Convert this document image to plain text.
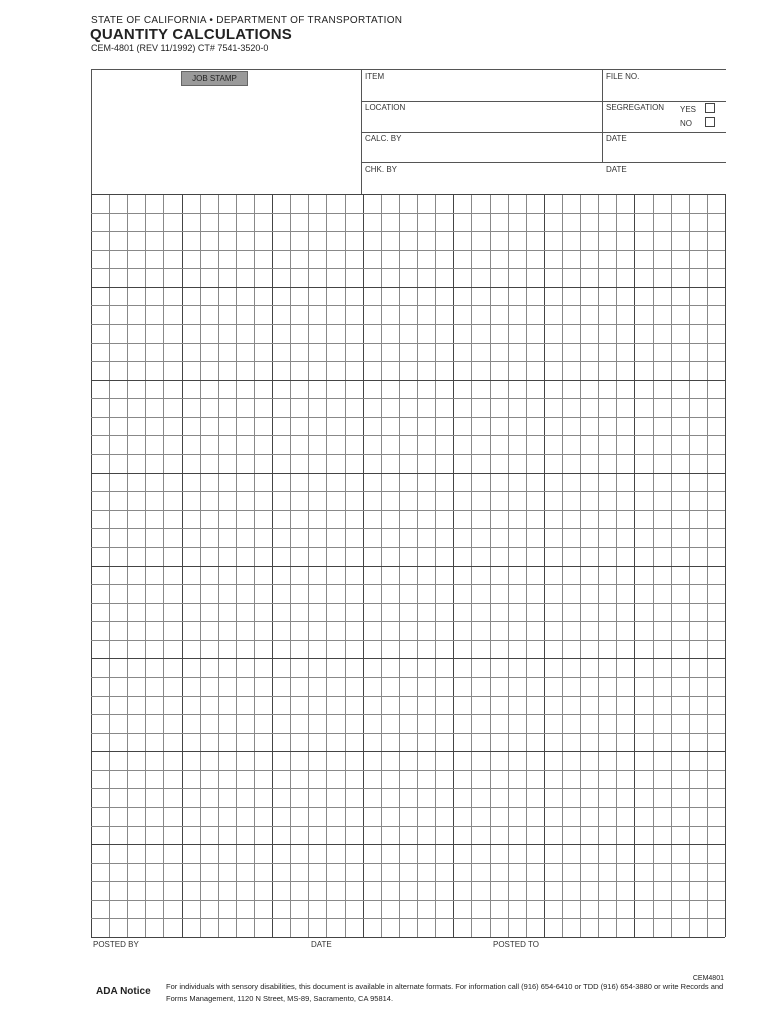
STATE OF CALIFORNIA • DEPARTMENT OF TRANSPORTATION
QUANTITY CALCULATIONS
CEM-4801 (REV 11/1992) CT# 7541-3520-0
JOB STAMP	ITEM	FILE NO.
LOCATION	SEGREGATION YES
NO
CALC. BY	DATE
CHK. BY	DATE
POSTED BY	DATE	POSTED TO
CEM4801
ADA Notice For individuals with sensory disabilities, this document is available in alternate formats. For information call (916) 654-6410 or TDD (916) 654-3880 or write Records and Forms Management, 1120 N Street, MS-89, Sacramento, CA 95814.
